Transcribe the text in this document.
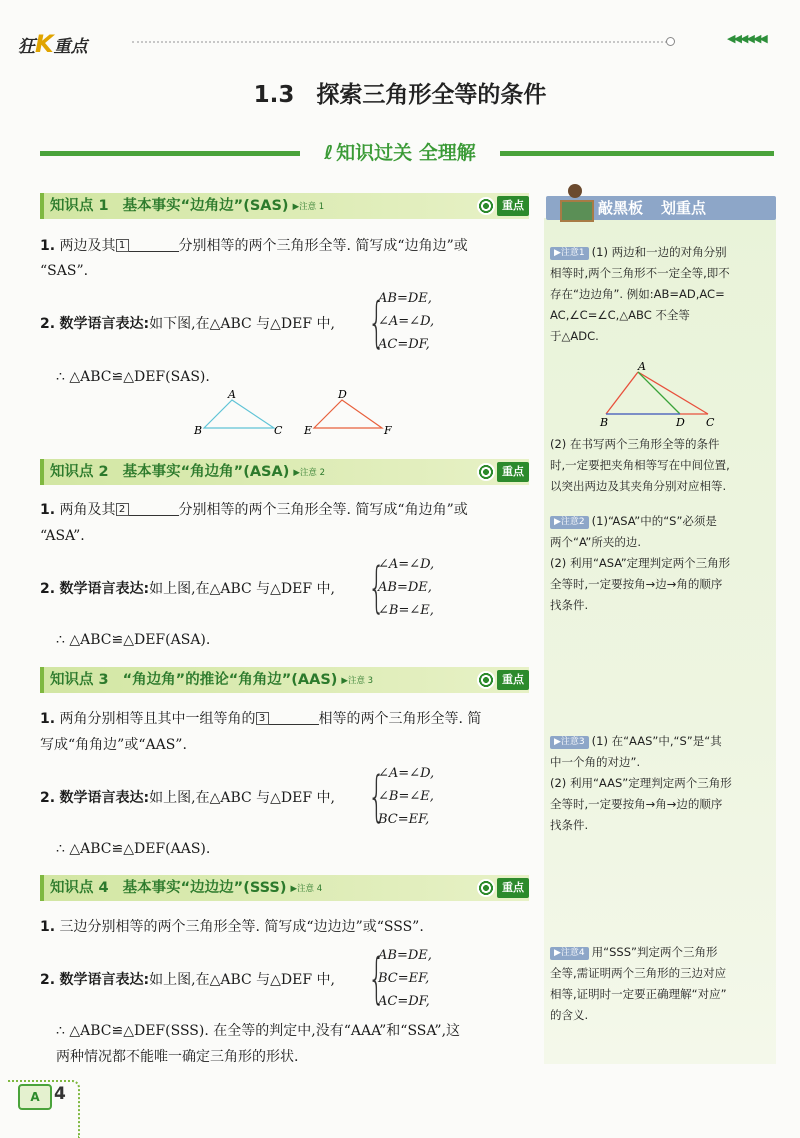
狂K重点	◀◀◀◀◀◀
1.3 探索三角形全等的条件
ℓ 知识过关 全理解
知识点 1 基本事实“边角边”(SAS) ▶注意 1	重点
1. 两边及其 1	分别相等的两个三角形全等. 简写成“边角边”或
“SAS”.
2. 数学语言表达:如下图,在△ABC 与△DEF 中, {
AB=DE,
∠A=∠D,
AC=DF,
∴ △ABC≌△DEF(SAS).
A
B	C
D
E	F
知识点 2 基本事实“角边角”(ASA) ▶注意 2	重点
1. 两角及其 2	分别相等的两个三角形全等. 简写成“角边角”或
“ASA”.
2. 数学语言表达:如上图,在△ABC 与△DEF 中, {
∠A=∠D,
AB=DE,
∠B=∠E,
∴ △ABC≌△DEF(ASA).
知识点 3 “角边角”的推论“角角边”(AAS) ▶注意 3	重点
1. 两角分别相等且其中一组等角的 3	相等的两个三角形全等. 简
写成“角角边”或“AAS”.
2. 数学语言表达:如上图,在△ABC 与△DEF 中, {
∠A=∠D,
∠B=∠E,
BC=EF,
∴ △ABC≌△DEF(AAS).
知识点 4 基本事实“边边边”(SSS) ▶注意 4	重点
1. 三边分别相等的两个三角形全等. 简写成“边边边”或“SSS”.
2. 数学语言表达:如上图,在△ABC 与△DEF 中, {
AB=DE,
BC=EF,
AC=DF,
∴ △ABC≌△DEF(SSS). 在全等的判定中,没有“AAA”和“SSA”,这
两种情况都不能唯一确定三角形的形状.
敲黑板 划重点
▶注意1 (1) 两边和一边的对角分别
相等时,两个三角形不一定全等,即不
存在“边边角”. 例如:AB=AD,AC=
AC,∠C=∠C,△ABC 不全等
于△ADC.
A
B	D C
(2) 在书写两个三角形全等的条件
时,一定要把夹角相等写在中间位置,
以突出两边及其夹角分别对应相等.
▶注意2 (1)“ASA”中的“S”必须是
两个“A”所夹的边.
(2) 利用“ASA”定理判定两个三角形
全等时,一定要按角→边→角的顺序
找条件.
▶注意3 (1) 在“AAS”中,“S”是“其
中一个角的对边”.
(2) 利用“AAS”定理判定两个三角形
全等时,一定要按角→角→边的顺序
找条件.
▶注意4 用“SSS”判定两个三角形
全等,需证明两个三角形的三边对应
相等,证明时一定要正确理解“对应”
的含义.
A 4
